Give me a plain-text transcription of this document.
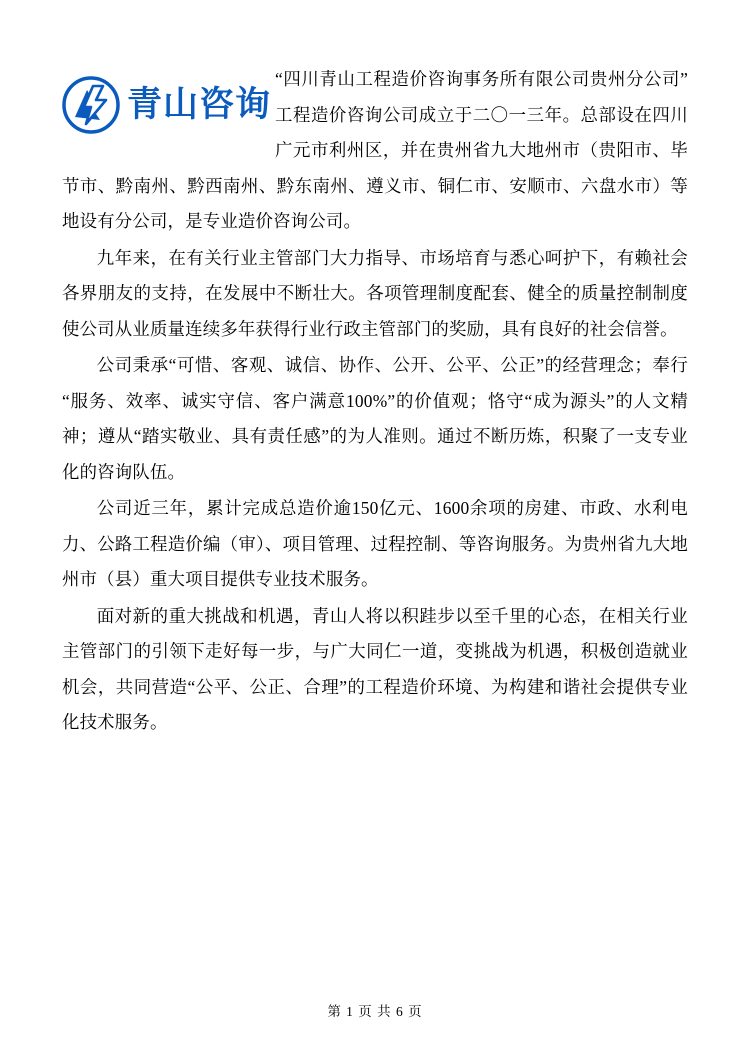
青山咨询

“四川青山工程造价咨询事务所有限公司贵州分公司”工程造价咨询公司成立于二〇一三年。总部设在四川广元市利州区，并在贵州省九大地州市（贵阳市、毕节市、黔南州、黔西南州、黔东南州、遵义市、铜仁市、安顺市、六盘水市）等地设有分公司，是专业造价咨询公司。

九年来，在有关行业主管部门大力指导、市场培育与悉心呵护下，有赖社会各界朋友的支持，在发展中不断壮大。各项管理制度配套、健全的质量控制制度使公司从业质量连续多年获得行业行政主管部门的奖励，具有良好的社会信誉。

公司秉承“可惜、客观、诚信、协作、公开、公平、公正”的经营理念；奉行“服务、效率、诚实守信、客户满意100%”的价值观；恪守“成为源头”的人文精神；遵从“踏实敬业、具有责任感”的为人准则。通过不断历炼，积聚了一支专业化的咨询队伍。

公司近三年，累计完成总造价逾150亿元、1600余项的房建、市政、水利电力、公路工程造价编（审）、项目管理、过程控制、等咨询服务。为贵州省九大地州市（县）重大项目提供专业技术服务。

面对新的重大挑战和机遇，青山人将以积跬步以至千里的心态，在相关行业主管部门的引领下走好每一步，与广大同仁一道，变挑战为机遇，积极创造就业机会，共同营造“公平、公正、合理”的工程造价环境、为构建和谐社会提供专业化技术服务。

第 1 页 共 6 页
